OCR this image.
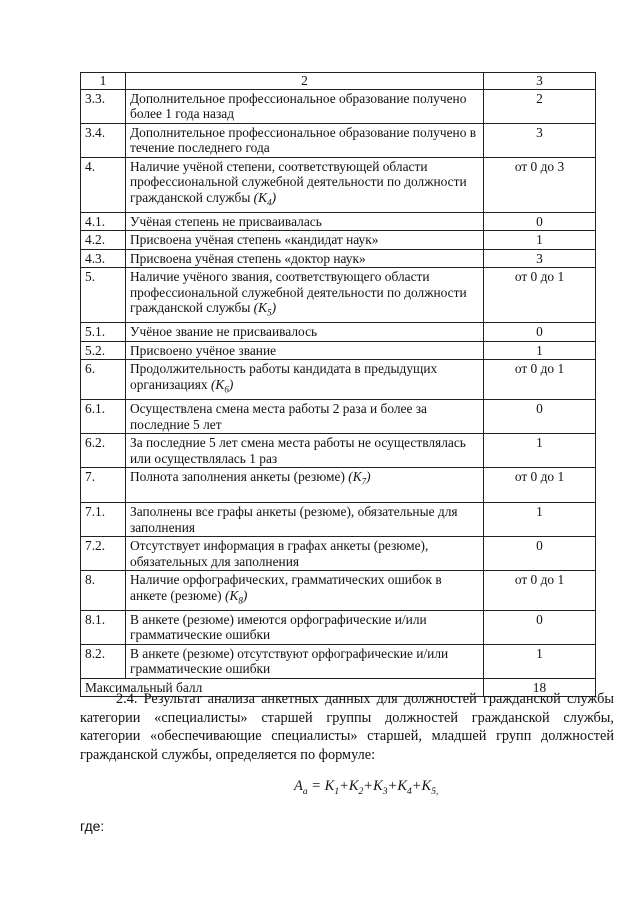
1	2	3
3.3.	Дополнительное профессиональное образование получено более 1 года назад	2
3.4.	Дополнительное профессиональное образование получено в течение последнего года	3
4.	Наличие учёной степени, соответствующей области профессиональной служебной деятельности по должности гражданской службы $(K_4)$	от 0 до 3
4.1.	Учёная степень не присваивалась	0
4.2.	Присвоена учёная степень «кандидат наук»	1
4.3.	Присвоена учёная степень «доктор наук»	3
5.	Наличие учёного звания, соответствующего области профессиональной служебной деятельности по должности гражданской службы $(K_5)$	от 0 до 1
5.1.	Учёное звание не присваивалось	0
5.2.	Присвоено учёное звание	1
6.	Продолжительность работы кандидата в предыдущих организациях $(K_6)$	от 0 до 1
6.1.	Осуществлена смена места работы 2 раза и более за последние 5 лет	0
6.2.	За последние 5 лет смена места работы не осуществлялась или осуществлялась 1 раз	1
7.	Полнота заполнения анкеты (резюме) $(K_7)$	от 0 до 1
7.1.	Заполнены все графы анкеты (резюме), обязательные для заполнения	1
7.2.	Отсутствует информация в графах анкеты (резюме), обязательных для заполнения	0
8.	Наличие орфографических, грамматических ошибок в анкете (резюме) $(K_8)$	от 0 до 1
8.1.	В анкете (резюме) имеются орфографические и/или грамматические ошибки	0
8.2.	В анкете (резюме) отсутствуют орфографические и/или грамматические ошибки	1
Максимальный балл		18
2.4. Результат анализа анкетных данных для должностей гражданской службы категории «специалисты» старшей группы должностей гражданской службы, категории «обеспечивающие специалисты» старшей, младшей групп должностей гражданской службы, определяется по формуле:
$A_a = K_1+K_2+K_3+K_4+K_{5,}$
где:
